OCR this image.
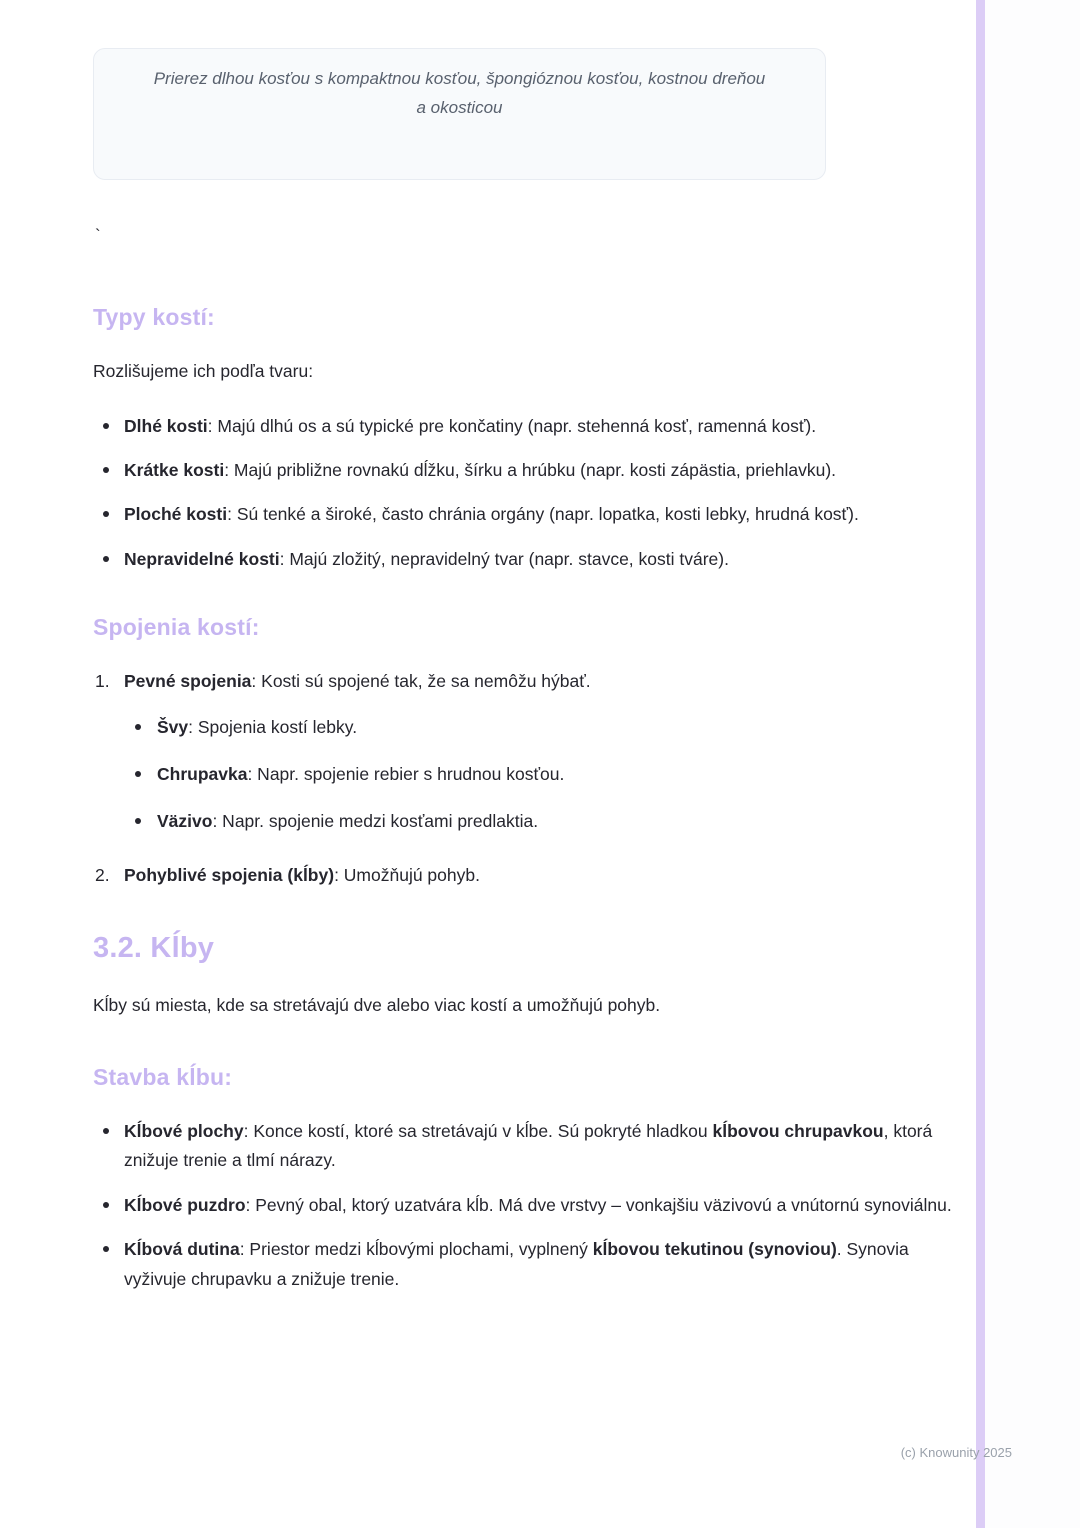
Prierez dlhou kosťou s kompaktnou kosťou, špongióznou kosťou, kostnou dreňou a okosticou
`
Typy kostí:

Rozlišujeme ich podľa tvaru:

Dlhé kosti: Majú dlhú os a sú typické pre končatiny (napr. stehenná kosť, ramenná kosť).
Krátke kosti: Majú približne rovnakú dĺžku, šírku a hrúbku (napr. kosti zápästia, priehlavku).
Ploché kosti: Sú tenké a široké, často chránia orgány (napr. lopatka, kosti lebky, hrudná kosť).
Nepravidelné kosti: Majú zložitý, nepravidelný tvar (napr. stavce, kosti tváre).
Spojenia kostí:
1. Pevné spojenia: Kosti sú spojené tak, že sa nemôžu hýbať.
Švy: Spojenia kostí lebky.
Chrupavka: Napr. spojenie rebier s hrudnou kosťou.
Väzivo: Napr. spojenie medzi kosťami predlaktia.
2. Pohyblivé spojenia (kĺby): Umožňujú pohyb.
3.2. Kĺby

Kĺby sú miesta, kde sa stretávajú dve alebo viac kostí a umožňujú pohyb.

Stavba kĺbu:
Kĺbové plochy: Konce kostí, ktoré sa stretávajú v kĺbe. Sú pokryté hladkou kĺbovou chrupavkou, ktorá znižuje trenie a tlmí nárazy.
Kĺbové puzdro: Pevný obal, ktorý uzatvára kĺb. Má dve vrstvy – vonkajšiu väzivovú a vnútornú synoviálnu.
Kĺbová dutina: Priestor medzi kĺbovými plochami, vyplnený kĺbovou tekutinou (synoviou). Synovia vyživuje chrupavku a znižuje trenie.
(c) Knowunity 2025
